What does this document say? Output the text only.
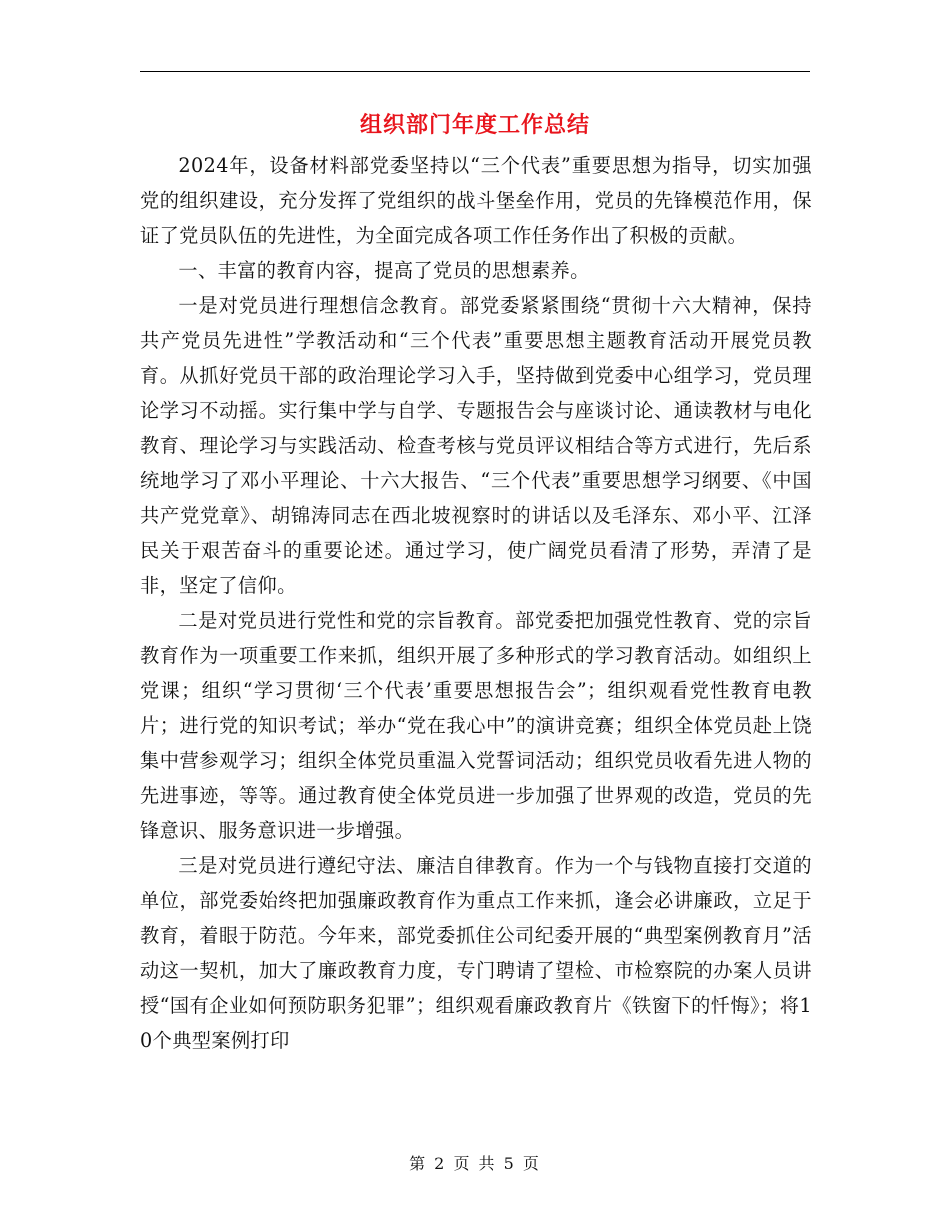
组织部门年度工作总结

2024年，设备材料部党委坚持以“三个代表”重要思想为指导，切实加强党的组织建设，充分发挥了党组织的战斗堡垒作用，党员的先锋模范作用，保证了党员队伍的先进性，为全面完成各项工作任务作出了积极的贡献。

一、丰富的教育内容，提高了党员的思想素养。

一是对党员进行理想信念教育。部党委紧紧围绕“贯彻十六大精神，保持共产党员先进性”学教活动和“三个代表”重要思想主题教育活动开展党员教育。从抓好党员干部的政治理论学习入手，坚持做到党委中心组学习，党员理论学习不动摇。实行集中学与自学、专题报告会与座谈讨论、通读教材与电化教育、理论学习与实践活动、检查考核与党员评议相结合等方式进行，先后系统地学习了邓小平理论、十六大报告、“三个代表”重要思想学习纲要、《中国共产党党章》、胡锦涛同志在西北坡视察时的讲话以及毛泽东、邓小平、江泽民关于艰苦奋斗的重要论述。通过学习，使广阔党员看清了形势，弄清了是非，坚定了信仰。

二是对党员进行党性和党的宗旨教育。部党委把加强党性教育、党的宗旨教育作为一项重要工作来抓，组织开展了多种形式的学习教育活动。如组织上党课；组织“学习贯彻‘三个代表’重要思想报告会”；组织观看党性教育电教片；进行党的知识考试；举办“党在我心中”的演讲竞赛；组织全体党员赴上饶集中营参观学习；组织全体党员重温入党誓词活动；组织党员收看先进人物的先进事迹，等等。通过教育使全体党员进一步加强了世界观的改造，党员的先锋意识、服务意识进一步增强。

三是对党员进行遵纪守法、廉洁自律教育。作为一个与钱物直接打交道的单位，部党委始终把加强廉政教育作为重点工作来抓，逢会必讲廉政，立足于教育，着眼于防范。今年来，部党委抓住公司纪委开展的“典型案例教育月”活动这一契机，加大了廉政教育力度，专门聘请了望检、市检察院的办案人员讲授“国有企业如何预防职务犯罪”；组织观看廉政教育片《铁窗下的忏悔》；将10个典型案例打印

第 2 页 共 5 页
